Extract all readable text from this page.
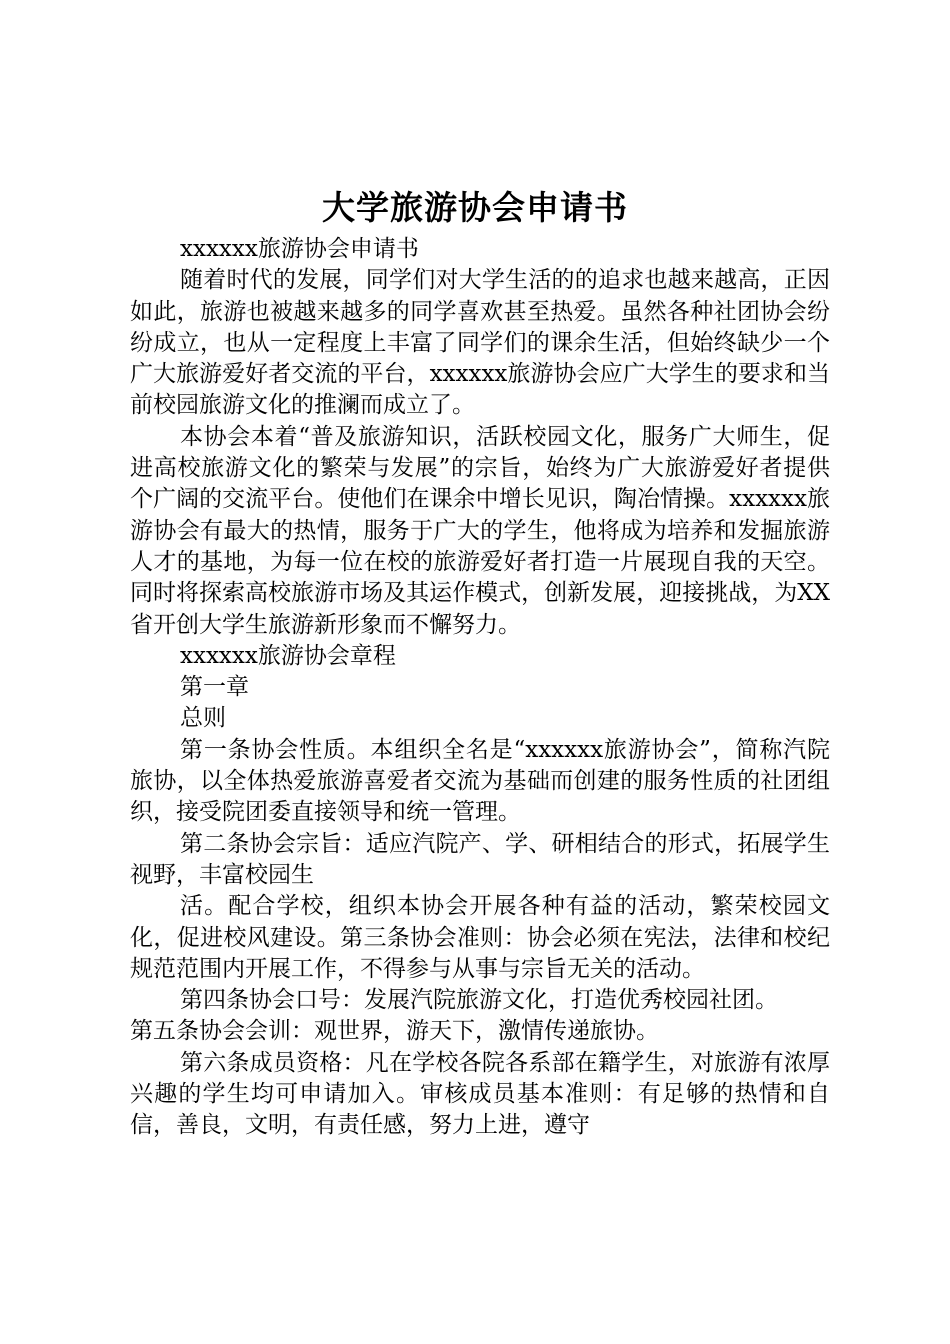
大学旅游协会申请书

xxxxxx旅游协会申请书

随着时代的发展，同学们对大学生活的的追求也越来越高，正因如此，旅游也被越来越多的同学喜欢甚至热爱。虽然各种社团协会纷纷成立，也从一定程度上丰富了同学们的课余生活，但始终缺少一个广大旅游爱好者交流的平台，xxxxxx旅游协会应广大学生的要求和当前校园旅游文化的推澜而成立了。

本协会本着“普及旅游知识，活跃校园文化，服务广大师生，促进高校旅游文化的繁荣与发展”的宗旨，始终为广大旅游爱好者提供个广阔的交流平台。使他们在课余中增长见识，陶冶情操。xxxxxx旅游协会有最大的热情，服务于广大的学生，他将成为培养和发掘旅游人才的基地，为每一位在校的旅游爱好者打造一片展现自我的天空。同时将探索高校旅游市场及其运作模式，创新发展，迎接挑战，为XX省开创大学生旅游新形象而不懈努力。

xxxxxx旅游协会章程

第一章

总则

第一条协会性质。本组织全名是“xxxxxx旅游协会”，简称汽院旅协，以全体热爱旅游喜爱者交流为基础而创建的服务性质的社团组织，接受院团委直接领导和统一管理。

第二条协会宗旨：适应汽院产、学、研相结合的形式，拓展学生视野，丰富校园生

活。配合学校，组织本协会开展各种有益的活动，繁荣校园文化，促进校风建设。第三条协会准则：协会必须在宪法，法律和校纪规范范围内开展工作，不得参与从事与宗旨无关的活动。

第四条协会口号：发展汽院旅游文化，打造优秀校园社团。

第五条协会会训：观世界，游天下，激情传递旅协。

第六条成员资格：凡在学校各院各系部在籍学生，对旅游有浓厚兴趣的学生均可申请加入。审核成员基本准则：有足够的热情和自信，善良，文明，有责任感，努力上进，遵守
